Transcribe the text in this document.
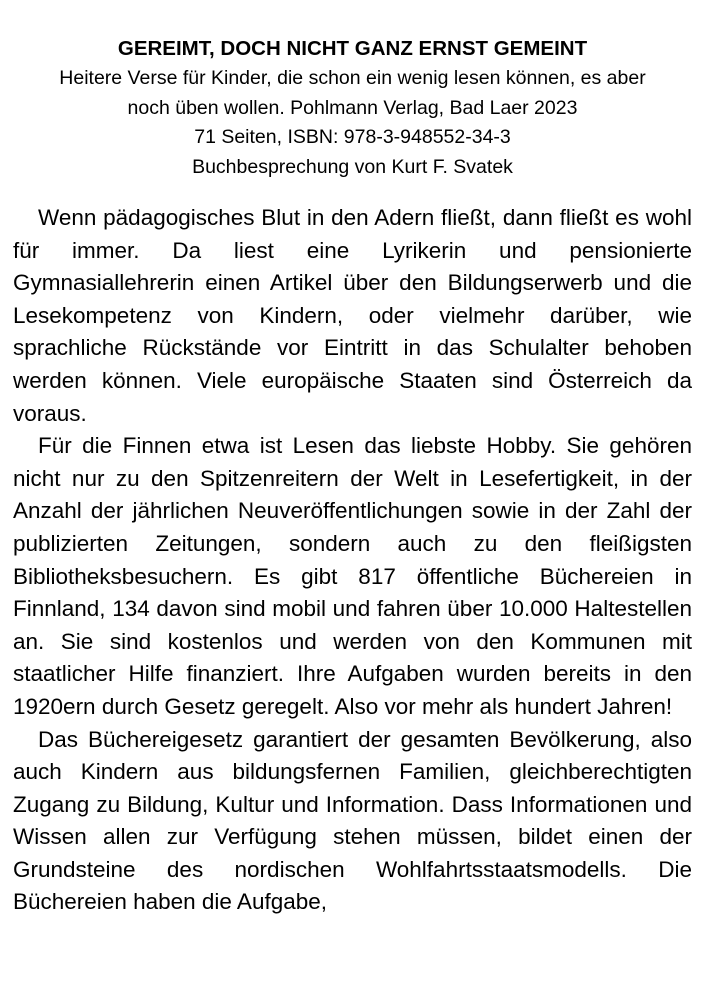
GEREIMT, DOCH NICHT GANZ ERNST GEMEINT
Heitere Verse für Kinder, die schon ein wenig lesen können, es aber
noch üben wollen. Pohlmann Verlag, Bad Laer 2023
71 Seiten, ISBN: 978-3-948552-34-3
Buchbesprechung von Kurt F. Svatek

Wenn pädagogisches Blut in den Adern fließt, dann fließt es wohl für immer. Da liest eine Lyrikerin und pensionierte Gymnasiallehrerin einen Artikel über den Bildungserwerb und die Lesekompetenz von Kindern, oder vielmehr darüber, wie sprachliche Rückstände vor Eintritt in das Schulalter behoben werden können. Viele europäische Staaten sind Österreich da voraus.

Für die Finnen etwa ist Lesen das liebste Hobby. Sie gehören nicht nur zu den Spitzenreitern der Welt in Lesefertigkeit, in der Anzahl der jährlichen Neuveröffentlichungen sowie in der Zahl der publizierten Zeitungen, sondern auch zu den fleißigsten Bibliotheksbesuchern. Es gibt 817 öffentliche Büchereien in Finnland, 134 davon sind mobil und fahren über 10.000 Haltestellen an. Sie sind kostenlos und werden von den Kommunen mit staatlicher Hilfe finanziert. Ihre Aufgaben wurden bereits in den 1920ern durch Gesetz geregelt. Also vor mehr als hundert Jahren!

Das Büchereigesetz garantiert der gesamten Bevölkerung, also auch Kindern aus bildungsfernen Familien, gleichberechtigten Zugang zu Bildung, Kultur und Information. Dass Informationen und Wissen allen zur Verfügung stehen müssen, bildet einen der Grundsteine des nordischen Wohlfahrtsstaatsmodells. Die Büchereien haben die Aufgabe,
